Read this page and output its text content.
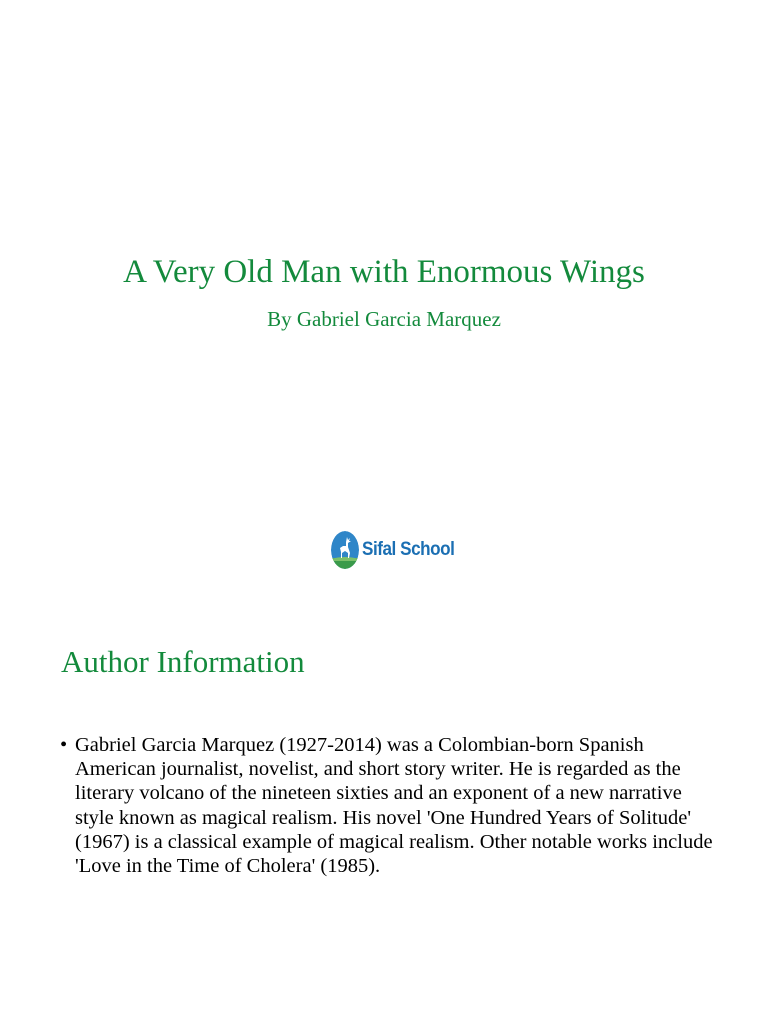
A Very Old Man with Enormous Wings

By Gabriel Garcia Marquez

Sifal School
Author Information
• Gabriel Garcia Marquez (1927-2014) was a Colombian-born Spanish American journalist, novelist, and short story writer. He is regarded as the literary volcano of the nineteen sixties and an exponent of a new narrative style known as magical realism. His novel 'One Hundred Years of Solitude' (1967) is a classical example of magical realism. Other notable works include 'Love in the Time of Cholera' (1985).
